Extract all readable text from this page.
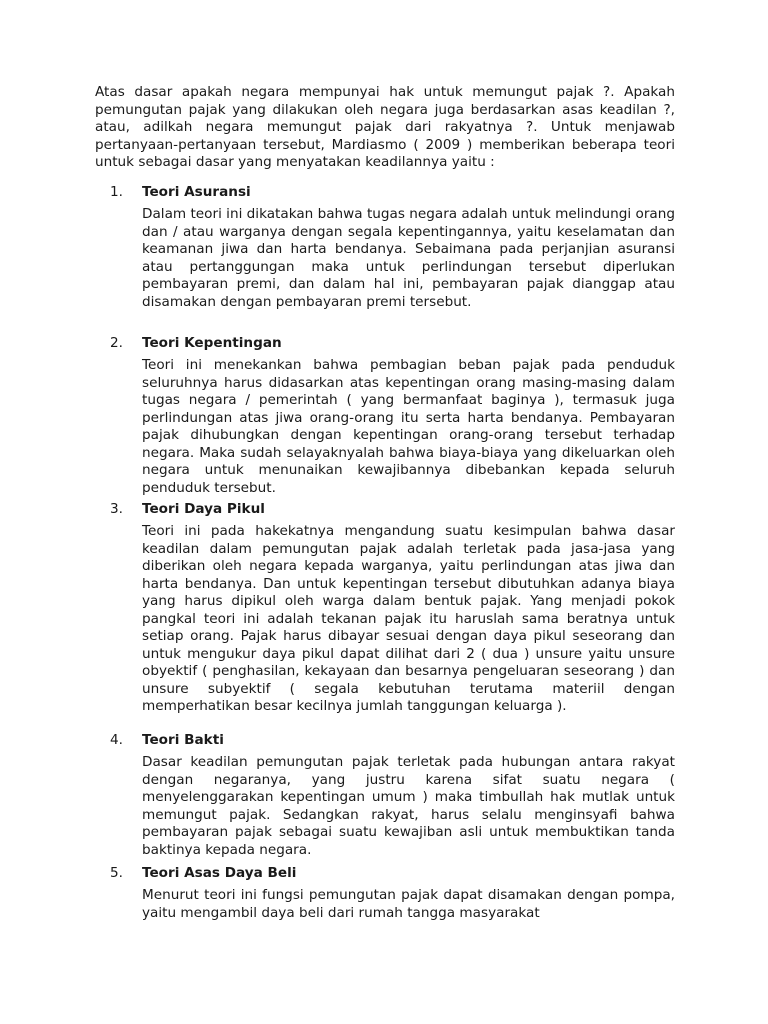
Atas dasar apakah negara mempunyai hak untuk memungut pajak ?. Apakah pemungutan pajak yang dilakukan oleh negara juga berdasarkan asas keadilan ?, atau, adilkah negara memungut pajak dari rakyatnya ?. Untuk menjawab pertanyaan-pertanyaan tersebut, Mardiasmo ( 2009 ) memberikan beberapa teori untuk sebagai dasar yang menyatakan keadilannya yaitu :

1. Teori Asuransi

Dalam teori ini dikatakan bahwa tugas negara adalah untuk melindungi orang dan / atau warganya dengan segala kepentingannya, yaitu keselamatan dan keamanan jiwa dan harta bendanya. Sebaimana pada perjanjian asuransi atau pertanggungan maka untuk perlindungan tersebut diperlukan pembayaran premi, dan dalam hal ini, pembayaran pajak dianggap atau disamakan dengan pembayaran premi tersebut.

2. Teori Kepentingan

Teori ini menekankan bahwa pembagian beban pajak pada penduduk seluruhnya harus didasarkan atas kepentingan orang masing-masing dalam tugas negara / pemerintah ( yang bermanfaat baginya ), termasuk juga perlindungan atas jiwa orang-orang itu serta harta bendanya. Pembayaran pajak dihubungkan dengan kepentingan orang-orang tersebut terhadap negara. Maka sudah selayaknyalah bahwa biaya-biaya yang dikeluarkan oleh negara untuk menunaikan kewajibannya dibebankan kepada seluruh penduduk tersebut.

3. Teori Daya Pikul

Teori ini pada hakekatnya mengandung suatu kesimpulan bahwa dasar keadilan dalam pemungutan pajak adalah terletak pada jasa-jasa yang diberikan oleh negara kepada warganya, yaitu perlindungan atas jiwa dan harta bendanya. Dan untuk kepentingan tersebut dibutuhkan adanya biaya yang harus dipikul oleh warga dalam bentuk pajak. Yang menjadi pokok pangkal teori ini adalah tekanan pajak itu haruslah sama beratnya untuk setiap orang. Pajak harus dibayar sesuai dengan daya pikul seseorang dan untuk mengukur daya pikul dapat dilihat dari 2 ( dua ) unsure yaitu unsure obyektif ( penghasilan, kekayaan dan besarnya pengeluaran seseorang ) dan unsure subyektif ( segala kebutuhan terutama materiil dengan memperhatikan besar kecilnya jumlah tanggungan keluarga ).

4. Teori Bakti

Dasar keadilan pemungutan pajak terletak pada hubungan antara rakyat dengan negaranya, yang justru karena sifat suatu negara ( menyelenggarakan kepentingan umum ) maka timbullah hak mutlak untuk memungut pajak. Sedangkan rakyat, harus selalu menginsyafi bahwa pembayaran pajak sebagai suatu kewajiban asli untuk membuktikan tanda baktinya kepada negara.

5. Teori Asas Daya Beli

Menurut teori ini fungsi pemungutan pajak dapat disamakan dengan pompa, yaitu mengambil daya beli dari rumah tangga masyarakat
